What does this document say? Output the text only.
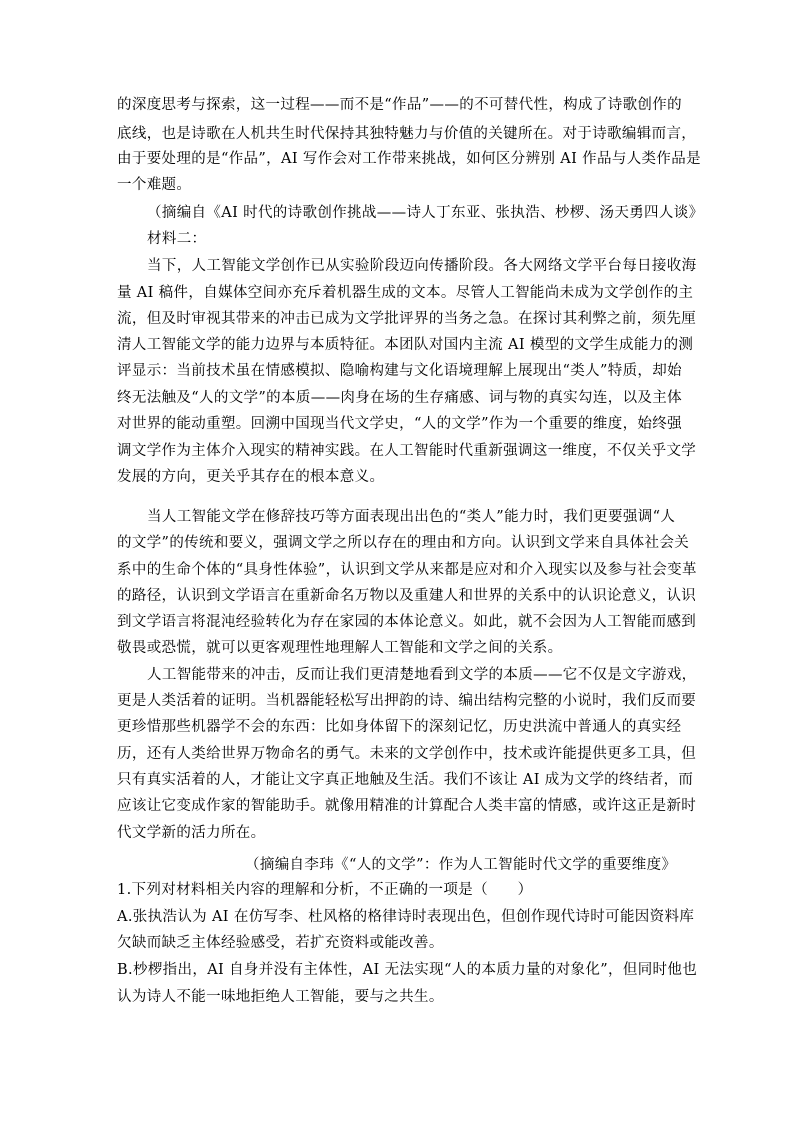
的深度思考与探索，这一过程——而不是“作品”——的不可替代性，构成了诗歌创作的
底线，也是诗歌在人机共生时代保持其独特魅力与价值的关键所在。对于诗歌编辑而言，
由于要处理的是“作品”，AI 写作会对工作带来挑战，如何区分辨别 AI 作品与人类作品是
一个难题。
（摘编自《AI 时代的诗歌创作挑战——诗人丁东亚、张执浩、杪椤、汤天勇四人谈》
材料二：
当下，人工智能文学创作已从实验阶段迈向传播阶段。各大网络文学平台每日接收海
量 AI 稿件，自媒体空间亦充斥着机器生成的文本。尽管人工智能尚未成为文学创作的主
流，但及时审视其带来的冲击已成为文学批评界的当务之急。在探讨其利弊之前，须先厘
清人工智能文学的能力边界与本质特征。本团队对国内主流 AI 模型的文学生成能力的测
评显示：当前技术虽在情感模拟、隐喻构建与文化语境理解上展现出“类人”特质，却始
终无法触及“人的文学”的本质——肉身在场的生存痛感、词与物的真实勾连，以及主体
对世界的能动重塑。回溯中国现当代文学史，“人的文学”作为一个重要的维度，始终强
调文学作为主体介入现实的精神实践。在人工智能时代重新强调这一维度，不仅关乎文学
发展的方向，更关乎其存在的根本意义。
当人工智能文学在修辞技巧等方面表现出出色的“类人”能力时，我们更要强调“人
的文学”的传统和要义，强调文学之所以存在的理由和方向。认识到文学来自具体社会关
系中的生命个体的“具身性体验”，认识到文学从来都是应对和介入现实以及参与社会变革
的路径，认识到文学语言在重新命名万物以及重建人和世界的关系中的认识论意义，认识
到文学语言将混沌经验转化为存在家园的本体论意义。如此，就不会因为人工智能而感到
敬畏或恐慌，就可以更客观理性地理解人工智能和文学之间的关系。
人工智能带来的冲击，反而让我们更清楚地看到文学的本质——它不仅是文字游戏，
更是人类活着的证明。当机器能轻松写出押韵的诗、编出结构完整的小说时，我们反而要
更珍惜那些机器学不会的东西：比如身体留下的深刻记忆，历史洪流中普通人的真实经
历，还有人类给世界万物命名的勇气。未来的文学创作中，技术或许能提供更多工具，但
只有真实活着的人，才能让文字真正地触及生活。我们不该让 AI 成为文学的终结者，而
应该让它变成作家的智能助手。就像用精准的计算配合人类丰富的情感，或许这正是新时
代文学新的活力所在。
（摘编自李玮《“人的文学”：作为人工智能时代文学的重要维度》
1.下列对材料相关内容的理解和分析，不正确的一项是（　　）
A.张执浩认为 AI 在仿写李、杜风格的格律诗时表现出色，但创作现代诗时可能因资料库
欠缺而缺乏主体经验感受，若扩充资料或能改善。
B.杪椤指出，AI 自身并没有主体性，AI 无法实现“人的本质力量的对象化”，但同时他也
认为诗人不能一味地拒绝人工智能，要与之共生。
